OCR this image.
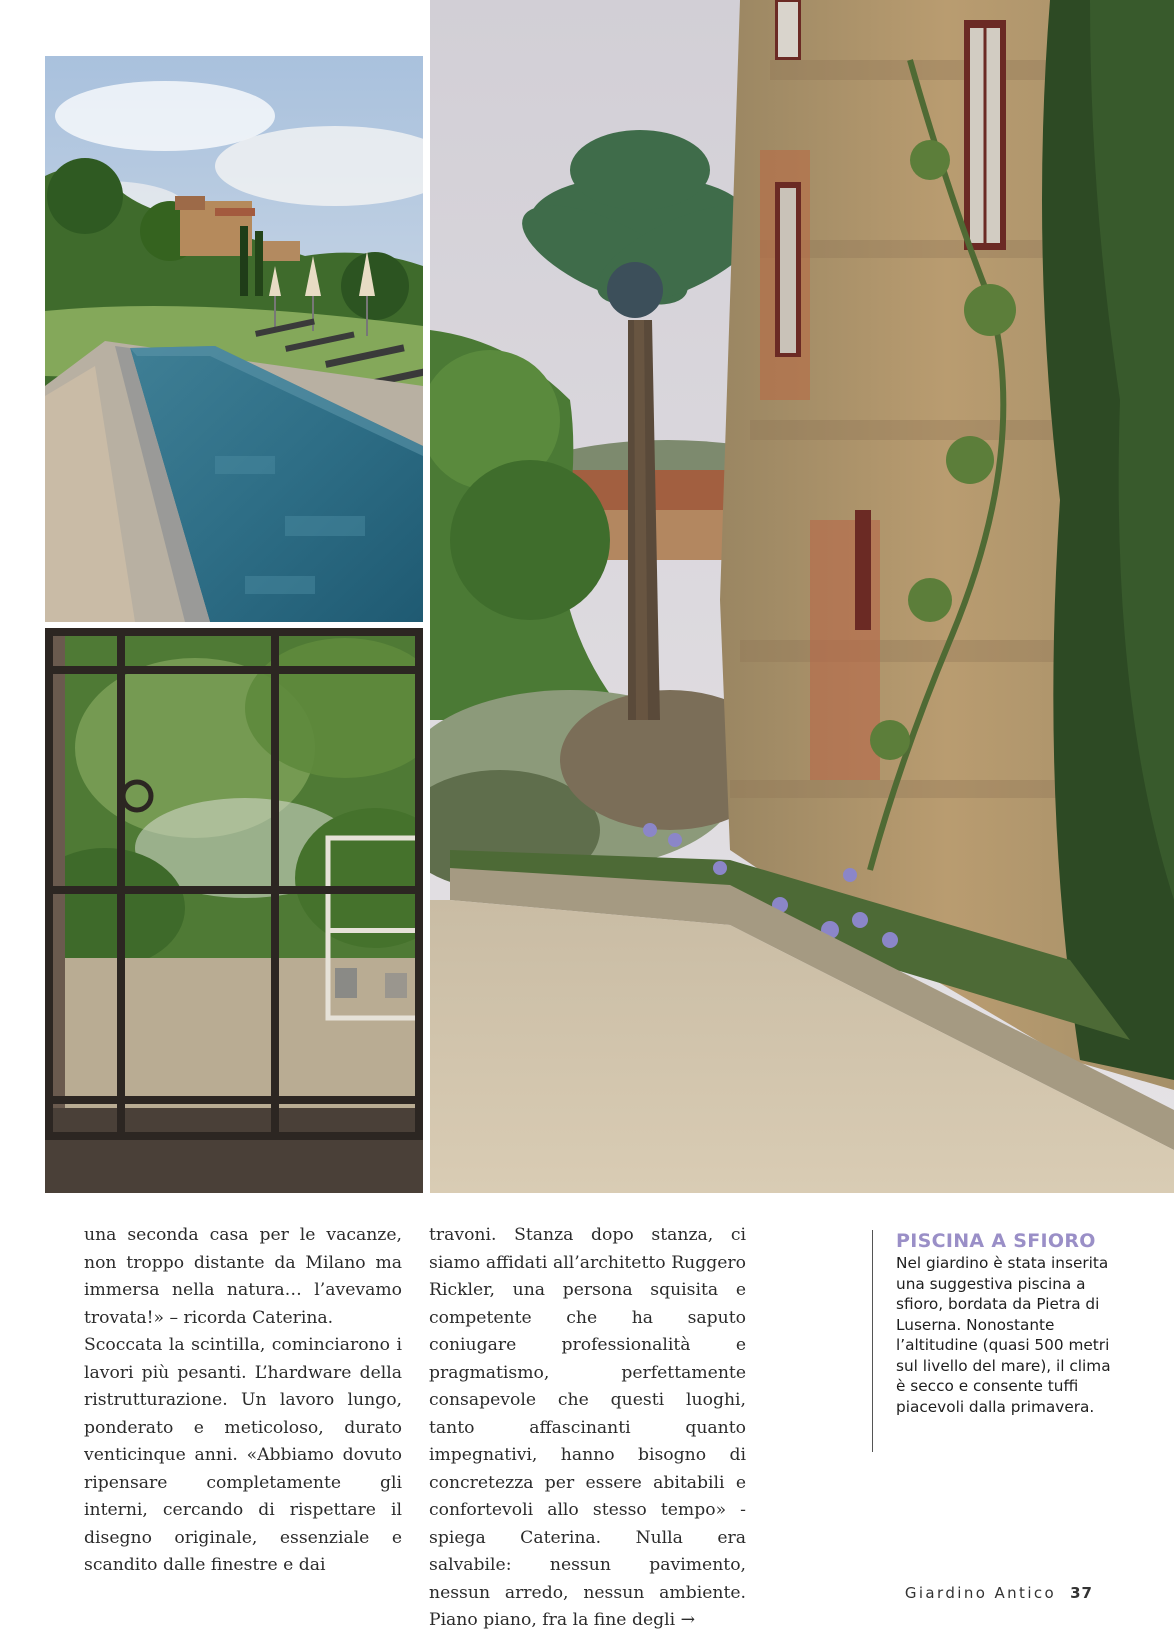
una seconda casa per le vacanze, non troppo distante da Milano ma immersa nella natura… l’avevamo trovata!» – ricorda Caterina.

Scoccata la scintilla, cominciarono i lavori più pesanti. L’hardware della ristrutturazione. Un lavoro lungo, ponderato e meticoloso, durato venticinque anni. «Abbiamo dovuto ripensare completamente gli interni, cercando di rispettare il disegno originale, essenziale e scandito dalle finestre e dai

travoni. Stanza dopo stanza, ci siamo affidati all’architetto Ruggero Rickler, una persona squisita e competente che ha saputo coniugare professionalità e pragmatismo, perfettamente consapevole che questi luoghi, tanto affascinanti quanto impegnativi, hanno bisogno di concretezza per essere abitabili e confortevoli allo stesso tempo» - spiega Caterina. Nulla era salvabile: nessun pavimento, nessun arredo, nessun ambiente. Piano piano, fra la fine degli →

PISCINA A SFIORO
Nel giardino è stata inserita una suggestiva piscina a sfioro, bordata da Pietra di Luserna. Nonostante l’altitudine (quasi 500 metri sul livello del mare), il clima è secco e consente tuffi piacevoli dalla primavera.
Giardino Antico 37
